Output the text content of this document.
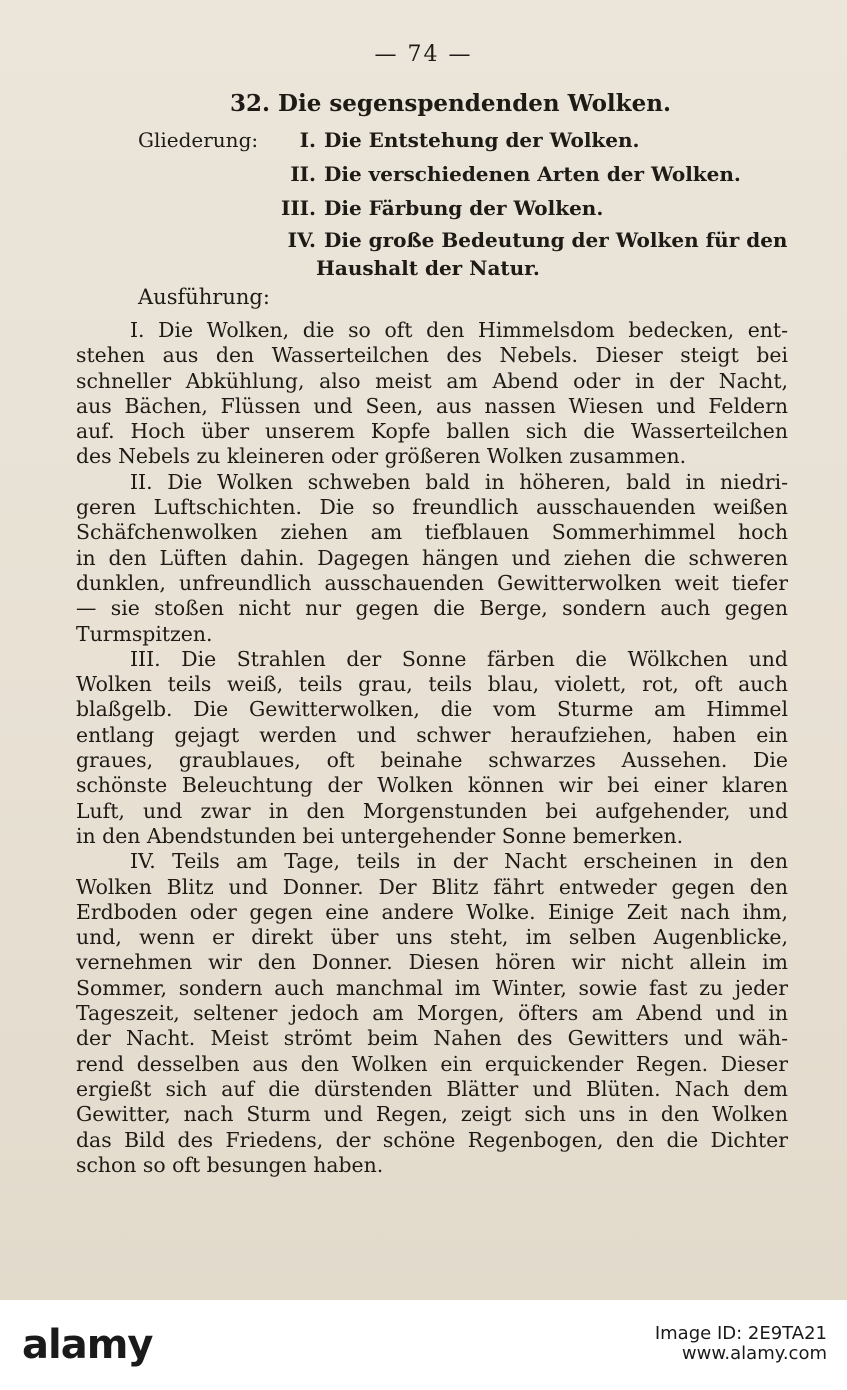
— 74 —
32. Die segenspendenden Wolken.
Gliederung:	I. Die Entstehung der Wolken.
II. Die verschiedenen Arten der Wolken.
III. Die Färbung der Wolken.
IV. Die große Bedeutung der Wolken für den
Haushalt der Natur.
Ausführung:
I. Die Wolken, die so oft den Himmelsdom bedecken, ent-
stehen aus den Wasserteilchen des Nebels. Dieser steigt bei
schneller Abkühlung, also meist am Abend oder in der Nacht,
aus Bächen, Flüssen und Seen, aus nassen Wiesen und Feldern
auf. Hoch über unserem Kopfe ballen sich die Wasserteilchen
des Nebels zu kleineren oder größeren Wolken zusammen.
II. Die Wolken schweben bald in höheren, bald in niedri-
geren Luftschichten. Die so freundlich ausschauenden weißen
Schäfchenwolken ziehen am tiefblauen Sommerhimmel hoch
in den Lüften dahin. Dagegen hängen und ziehen die schweren
dunklen, unfreundlich ausschauenden Gewitterwolken weit tiefer
— sie stoßen nicht nur gegen die Berge, sondern auch gegen
Turmspitzen.
III. Die Strahlen der Sonne färben die Wölkchen und
Wolken teils weiß, teils grau, teils blau, violett, rot, oft auch
blaßgelb. Die Gewitterwolken, die vom Sturme am Himmel
entlang gejagt werden und schwer heraufziehen, haben ein
graues, graublaues, oft beinahe schwarzes Aussehen. Die
schönste Beleuchtung der Wolken können wir bei einer klaren
Luft, und zwar in den Morgenstunden bei aufgehender, und
in den Abendstunden bei untergehender Sonne bemerken.
IV. Teils am Tage, teils in der Nacht erscheinen in den
Wolken Blitz und Donner. Der Blitz fährt entweder gegen den
Erdboden oder gegen eine andere Wolke. Einige Zeit nach ihm,
und, wenn er direkt über uns steht, im selben Augenblicke,
vernehmen wir den Donner. Diesen hören wir nicht allein im
Sommer, sondern auch manchmal im Winter, sowie fast zu jeder
Tageszeit, seltener jedoch am Morgen, öfters am Abend und in
der Nacht. Meist strömt beim Nahen des Gewitters und wäh-
rend desselben aus den Wolken ein erquickender Regen. Dieser
ergießt sich auf die dürstenden Blätter und Blüten. Nach dem
Gewitter, nach Sturm und Regen, zeigt sich uns in den Wolken
das Bild des Friedens, der schöne Regenbogen, den die Dichter
schon so oft besungen haben.
alamy	Image ID: 2E9TA21
www.alamy.com
